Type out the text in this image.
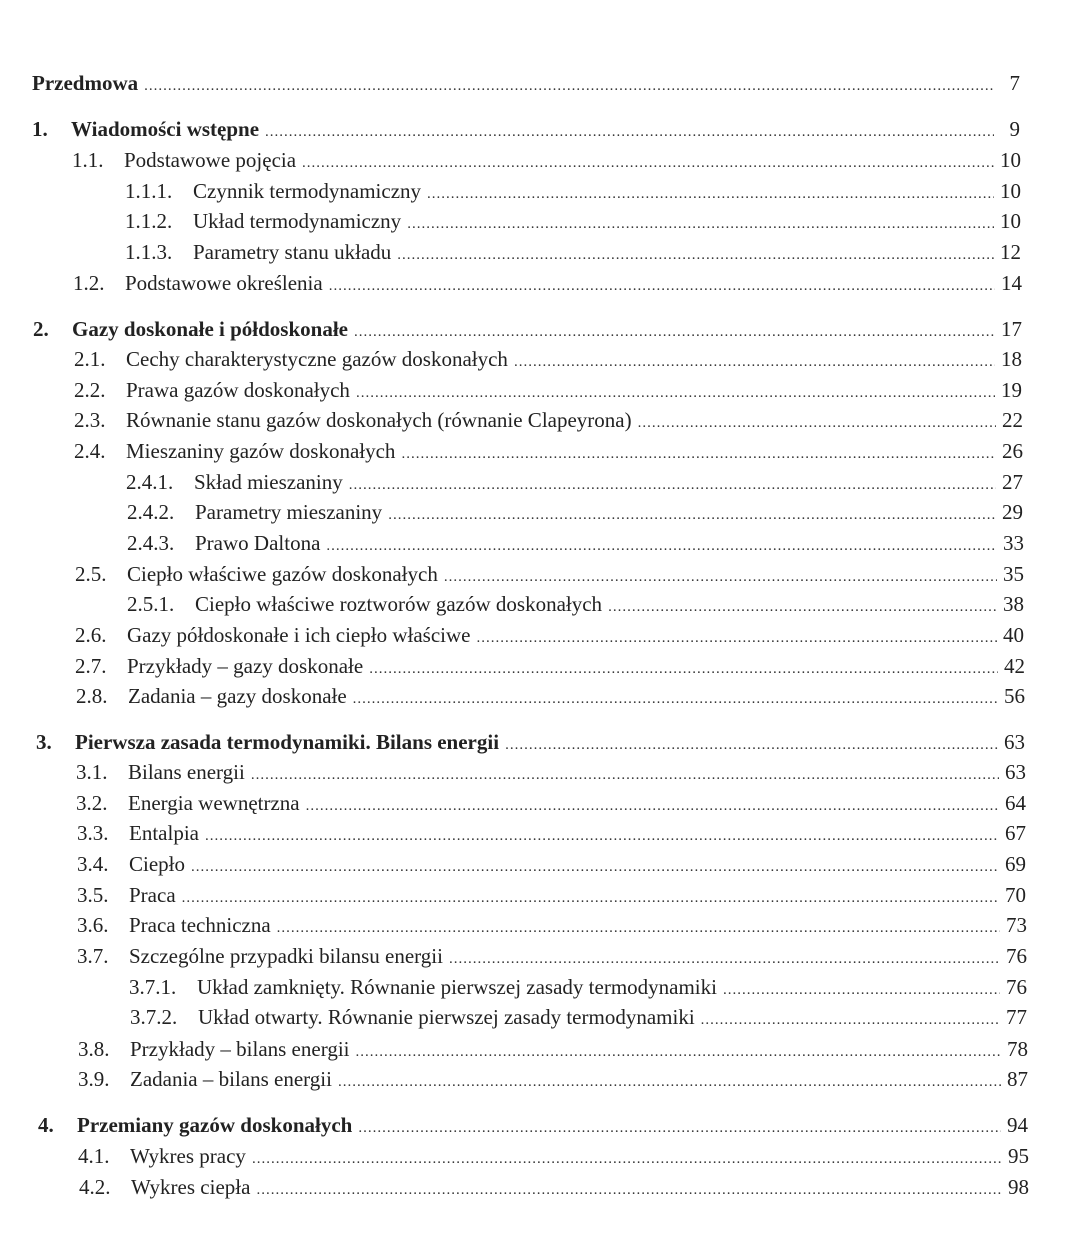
Przedmowa .....	7
1.	Wiadomości wstępne .....	9
1.1. Podstawowe pojęcia .....	10
1.1.1. Czynnik termodynamiczny .....	10
1.1.2. Układ termodynamiczny .....	10
1.1.3. Parametry stanu układu .....	12
1.2. Podstawowe określenia .....	14
2.	Gazy doskonałe i półdoskonałe .....	17
2.1. Cechy charakterystyczne gazów doskonałych .....	18
2.2. Prawa gazów doskonałych .....	19
2.3. Równanie stanu gazów doskonałych (równanie Clapeyrona) .....	22
2.4. Mieszaniny gazów doskonałych .....	26
2.4.1. Skład mieszaniny .....	27
2.4.2. Parametry mieszaniny .....	29
2.4.3. Prawo Daltona .....	33
2.5. Ciepło właściwe gazów doskonałych .....	35
2.5.1. Ciepło właściwe roztworów gazów doskonałych .....	38
2.6. Gazy półdoskonałe i ich ciepło właściwe .....	40
2.7. Przykłady – gazy doskonałe .....	42
2.8. Zadania – gazy doskonałe .....	56
3.	Pierwsza zasada termodynamiki. Bilans energii .....	63
3.1. Bilans energii .....	63
3.2. Energia wewnętrzna .....	64
3.3. Entalpia .....	67
3.4. Ciepło .....	69
3.5. Praca .....	70
3.6. Praca techniczna .....	73
3.7. Szczególne przypadki bilansu energii .....	76
3.7.1. Układ zamknięty. Równanie pierwszej zasady termodynamiki .....	76
3.7.2. Układ otwarty. Równanie pierwszej zasady termodynamiki .....	77
3.8. Przykłady – bilans energii .....	78
3.9. Zadania – bilans energii .....	87
4.	Przemiany gazów doskonałych .....	94
4.1. Wykres pracy .....	95
4.2. Wykres ciepła .....	98
